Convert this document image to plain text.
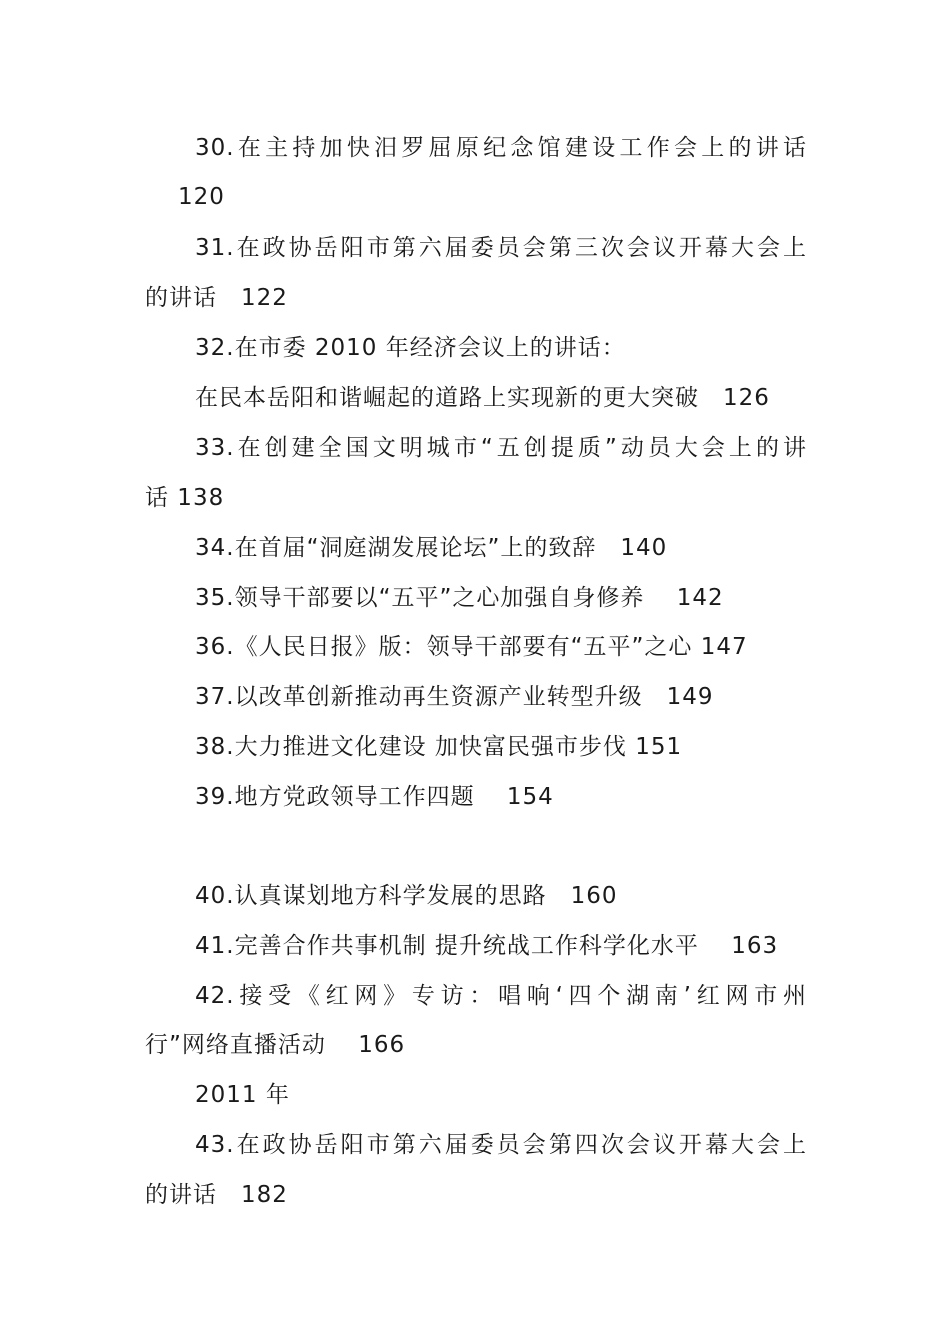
30.在主持加快汨罗屈原纪念馆建设工作会上的讲话
120
31.在政协岳阳市第六届委员会第三次会议开幕大会上
的讲话　122
32.在市委 2010 年经济会议上的讲话：
在民本岳阳和谐崛起的道路上实现新的更大突破　126
33.在创建全国文明城市“五创提质”动员大会上的讲
话 138
34.在首届“洞庭湖发展论坛”上的致辞　140
35.领导干部要以“五平”之心加强自身修养　 142
36.《人民日报》版：领导干部要有“五平”之心 147
37.以改革创新推动再生资源产业转型升级　149
38.大力推进文化建设 加快富民强市步伐 151
39.地方党政领导工作四题　 154
40.认真谋划地方科学发展的思路　160
41.完善合作共事机制 提升统战工作科学化水平　 163
42.接受《红网》专访：唱响‘四个湖南’红网市州
行”网络直播活动　 166
2011 年
43.在政协岳阳市第六届委员会第四次会议开幕大会上
的讲话　182
